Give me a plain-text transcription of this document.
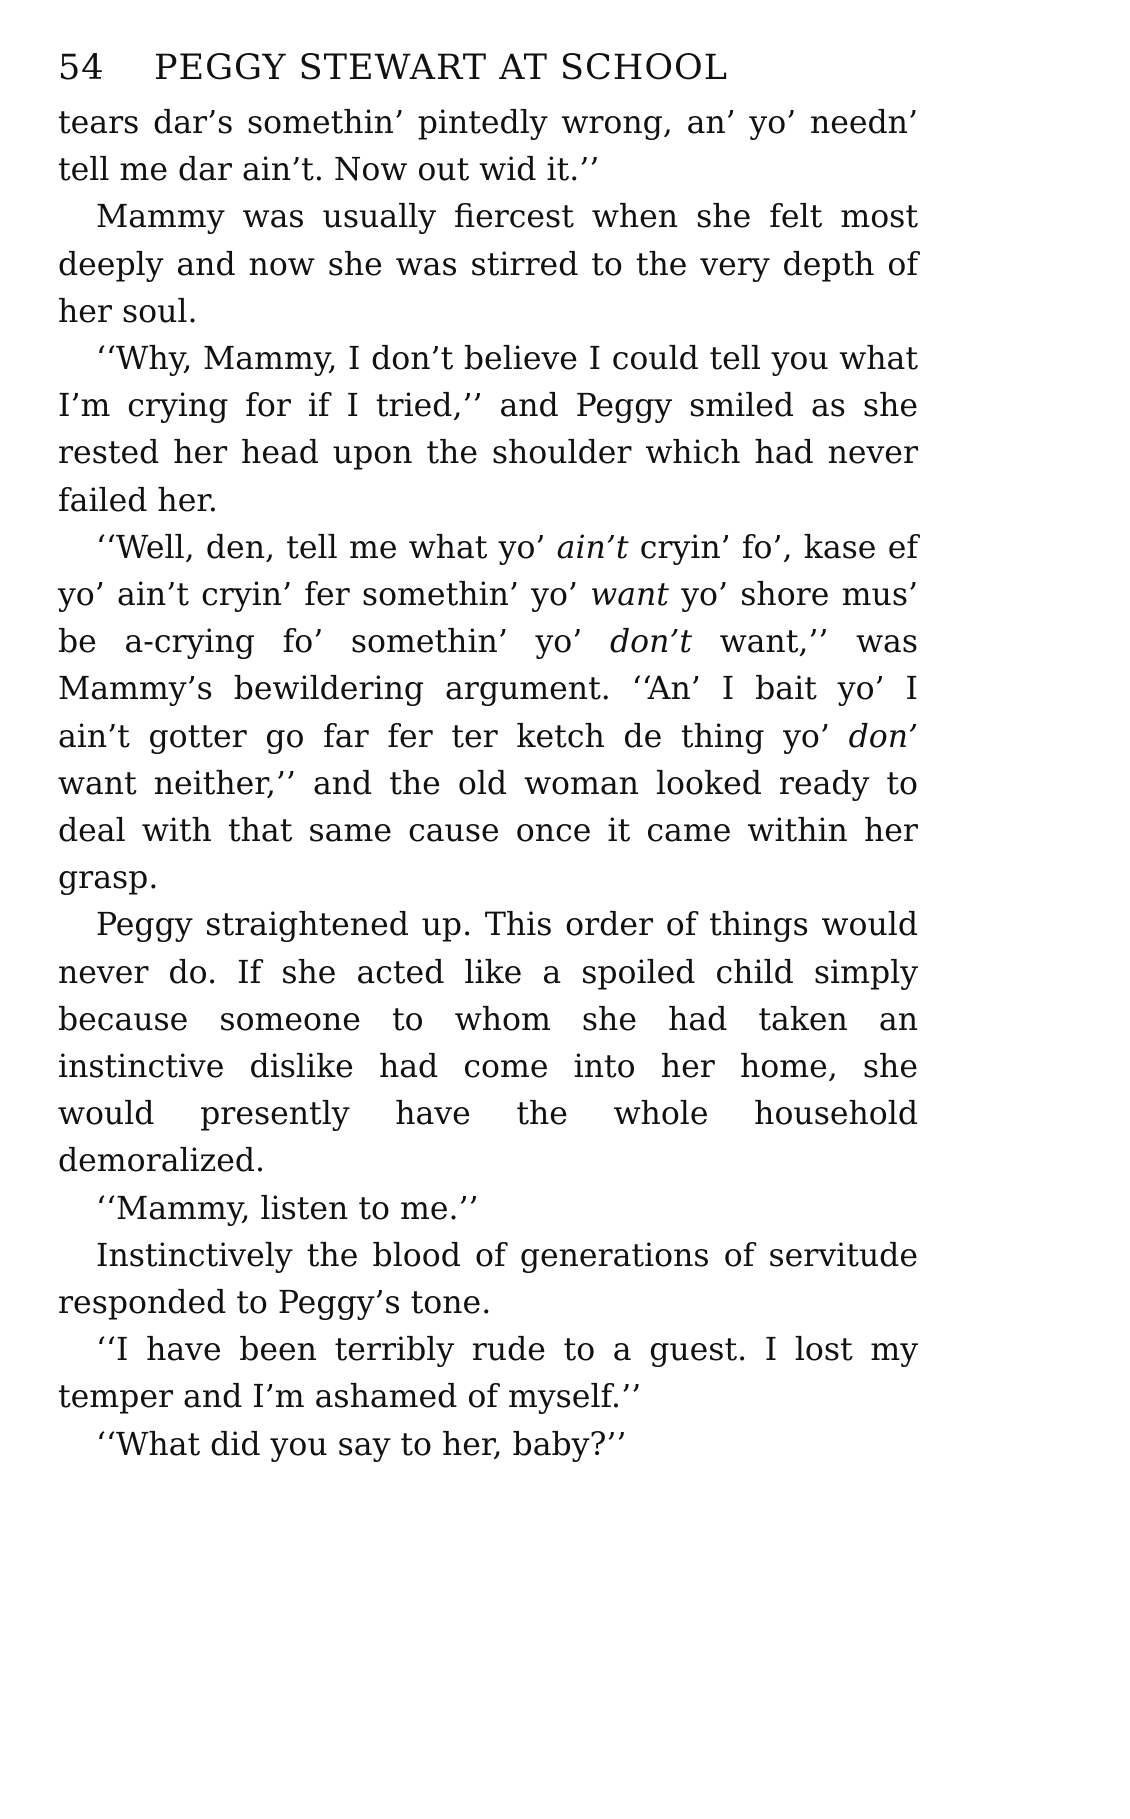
54 PEGGY STEWART AT SCHOOL

tears dar’s somethin’ pintedly wrong, an’ yo’ needn’ tell me dar ain’t. Now out wid it.’’

Mammy was usually fiercest when she felt most deeply and now she was stirred to the very depth of her soul.

‘‘Why, Mammy, I don’t believe I could tell you what I’m crying for if I tried,’’ and Peggy smiled as she rested her head upon the shoulder which had never failed her.

‘‘Well, den, tell me what yo’ ain’t cryin’ fo’, kase ef yo’ ain’t cryin’ fer somethin’ yo’ want yo’ shore mus’ be a-crying fo’ somethin’ yo’ don’t want,’’ was Mammy’s bewildering argument. ‘‘An’ I bait yo’ I ain’t gotter go far fer ter ketch de thing yo’ don’ want neither,’’ and the old woman looked ready to deal with that same cause once it came within her grasp.

Peggy straightened up. This order of things would never do. If she acted like a spoiled child simply because someone to whom she had taken an instinctive dislike had come into her home, she would presently have the whole household demoralized.

‘‘Mammy, listen to me.’’

Instinctively the blood of generations of servitude responded to Peggy’s tone.

‘‘I have been terribly rude to a guest. I lost my temper and I’m ashamed of myself.’’

‘‘What did you say to her, baby?’’
